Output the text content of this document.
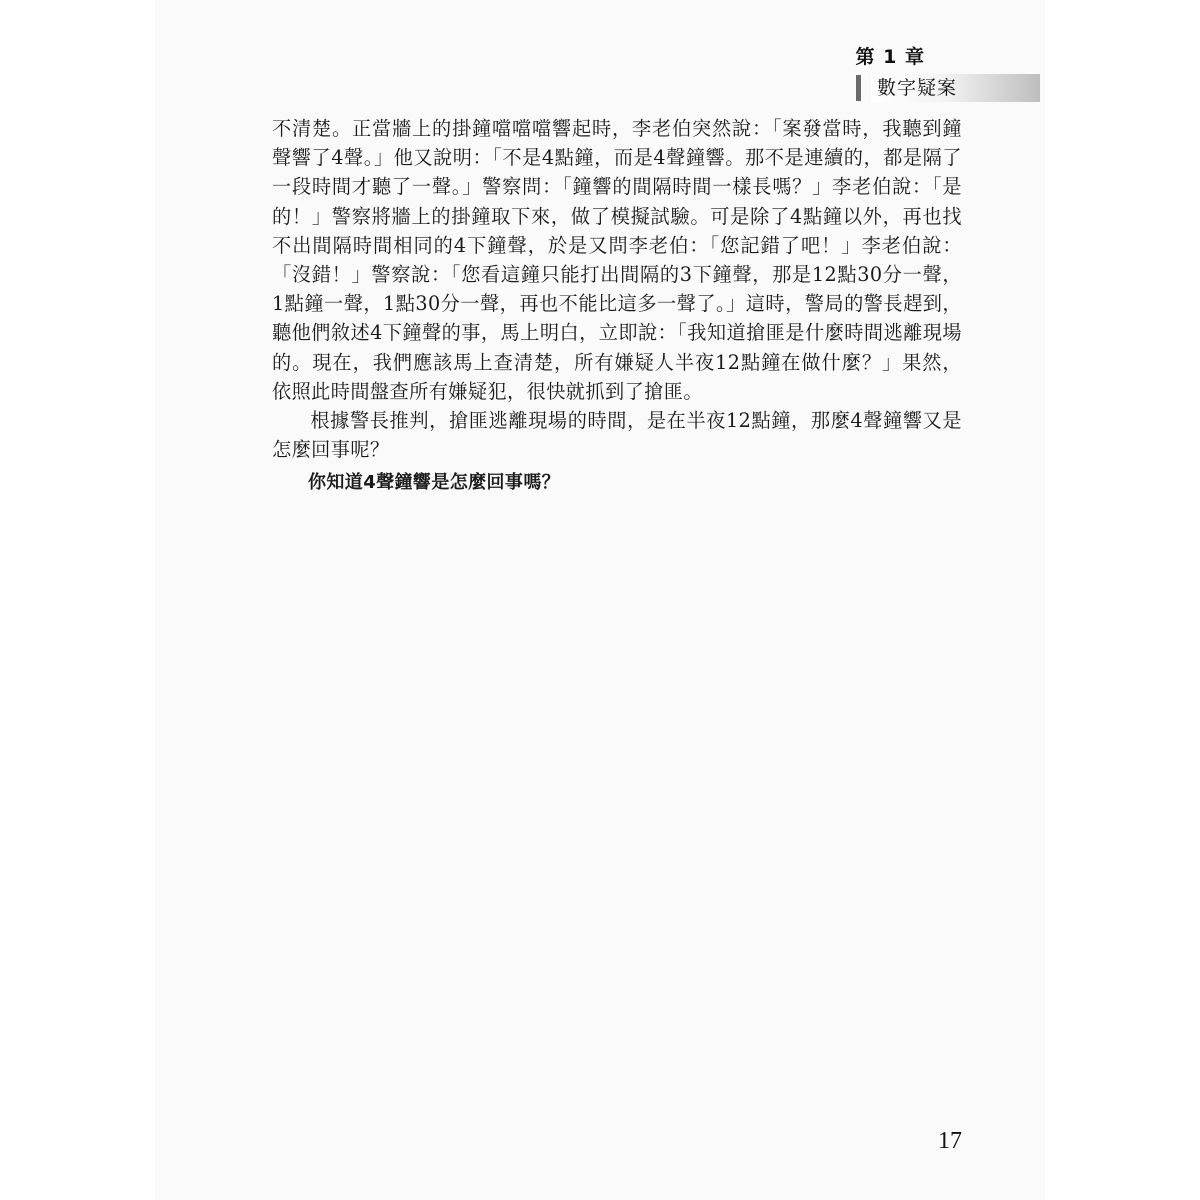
第 1 章
數字疑案

不清楚。正當牆上的掛鐘噹噹噹響起時，李老伯突然說：「案發當時，我聽到鐘聲響了4聲。」他又說明：「不是4點鐘，而是4聲鐘響。那不是連續的，都是隔了一段時間才聽了一聲。」警察問：「鐘響的間隔時間一樣長嗎？」李老伯說：「是的！」警察將牆上的掛鐘取下來，做了模擬試驗。可是除了4點鐘以外，再也找不出間隔時間相同的4下鐘聲，於是又問李老伯：「您記錯了吧！」李老伯說：「沒錯！」警察說：「您看這鐘只能打出間隔的3下鐘聲，那是12點30分一聲，1點鐘一聲，1點30分一聲，再也不能比這多一聲了。」這時，警局的警長趕到，聽他們敘述4下鐘聲的事，馬上明白，立即說：「我知道搶匪是什麼時間逃離現場的。現在，我們應該馬上查清楚，所有嫌疑人半夜12點鐘在做什麼？」果然，依照此時間盤查所有嫌疑犯，很快就抓到了搶匪。

根據警長推判，搶匪逃離現場的時間，是在半夜12點鐘，那麼4聲鐘響又是怎麼回事呢？

你知道4聲鐘響是怎麼回事嗎？

17
